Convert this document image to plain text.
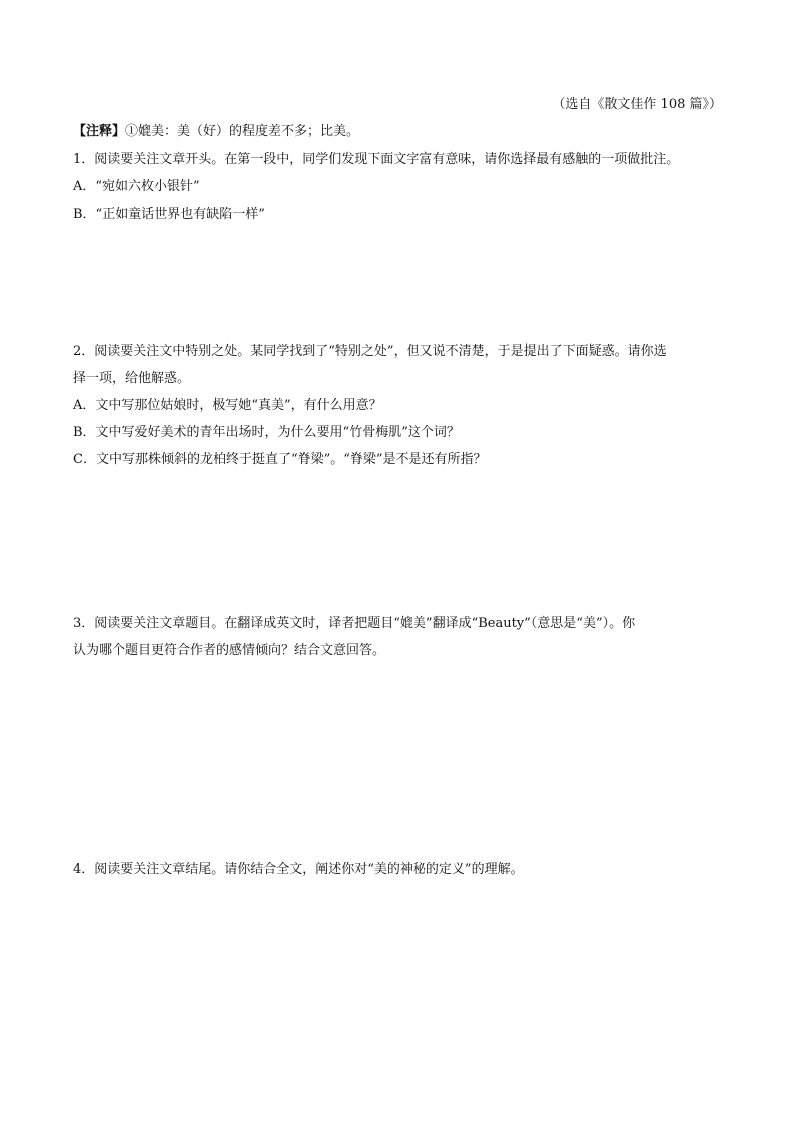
（选自《散文佳作 108 篇》）
【注释】①媲美：美（好）的程度差不多；比美。
1．阅读要关注文章开头。在第一段中，同学们发现下面文字富有意味，请你选择最有感触的一项做批注。
A．“宛如六枚小银针”
B．“正如童话世界也有缺陷一样”
2．阅读要关注文中特别之处。某同学找到了“特别之处”，但又说不清楚，于是提出了下面疑惑。请你选
择一项，给他解惑。
A．文中写那位姑娘时，极写她“真美”，有什么用意？
B．文中写爱好美术的青年出场时，为什么要用“竹骨梅肌”这个词？
C．文中写那株倾斜的龙柏终于挺直了“脊梁”。“脊梁”是不是还有所指？
3．阅读要关注文章题目。在翻译成英文时，译者把题目“媲美”翻译成“Beauty”（意思是“美”）。你
认为哪个题目更符合作者的感情倾向？结合文意回答。
4．阅读要关注文章结尾。请你结合全文，阐述你对“美的神秘的定义”的理解。
